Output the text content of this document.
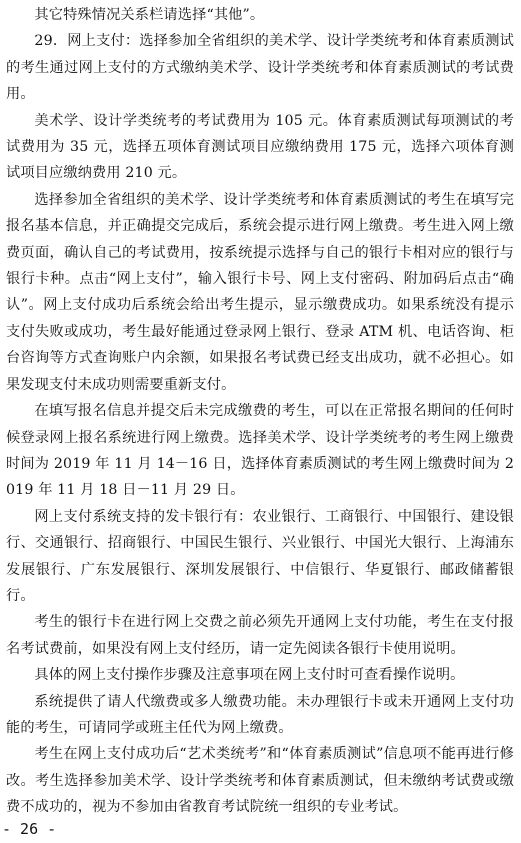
其它特殊情况关系栏请选择“其他”。

29．网上支付：选择参加全省组织的美术学、设计学类统考和体育素质测试的考生通过网上支付的方式缴纳美术学、设计学类统考和体育素质测试的考试费用。

美术学、设计学类统考的考试费用为 105 元。体育素质测试每项测试的考试费用为 35 元，选择五项体育测试项目应缴纳费用 175 元，选择六项体育测试项目应缴纳费用 210 元。

选择参加全省组织的美术学、设计学类统考和体育素质测试的考生在填写完报名基本信息，并正确提交完成后，系统会提示进行网上缴费。考生进入网上缴费页面，确认自己的考试费用，按系统提示选择与自己的银行卡相对应的银行与银行卡种。点击“网上支付”，输入银行卡号、网上支付密码、附加码后点击“确认”。网上支付成功后系统会给出考生提示，显示缴费成功。如果系统没有提示支付失败或成功，考生最好能通过登录网上银行、登录 ATM 机、电话咨询、柜台咨询等方式查询账户内余额，如果报名考试费已经支出成功，就不必担心。如果发现支付未成功则需要重新支付。

在填写报名信息并提交后未完成缴费的考生，可以在正常报名期间的任何时候登录网上报名系统进行网上缴费。选择美术学、设计学类统考的考生网上缴费时间为 2019 年 11 月 14－16 日，选择体育素质测试的考生网上缴费时间为 2019 年 11 月 18 日－11 月 29 日。

网上支付系统支持的发卡银行有：农业银行、工商银行、中国银行、建设银行、交通银行、招商银行、中国民生银行、兴业银行、中国光大银行、上海浦东发展银行、广东发展银行、深圳发展银行、中信银行、华夏银行、邮政储蓄银行。

考生的银行卡在进行网上交费之前必须先开通网上支付功能，考生在支付报名考试费前，如果没有网上支付经历，请一定先阅读各银行卡使用说明。

具体的网上支付操作步骤及注意事项在网上支付时可查看操作说明。

系统提供了请人代缴费或多人缴费功能。未办理银行卡或未开通网上支付功能的考生，可请同学或班主任代为网上缴费。

考生在网上支付成功后“艺术类统考”和“体育素质测试”信息项不能再进行修改。考生选择参加美术学、设计学类统考和体育素质测试，但未缴纳考试费或缴费不成功的，视为不参加由省教育考试院统一组织的专业考试。

- 26 -
